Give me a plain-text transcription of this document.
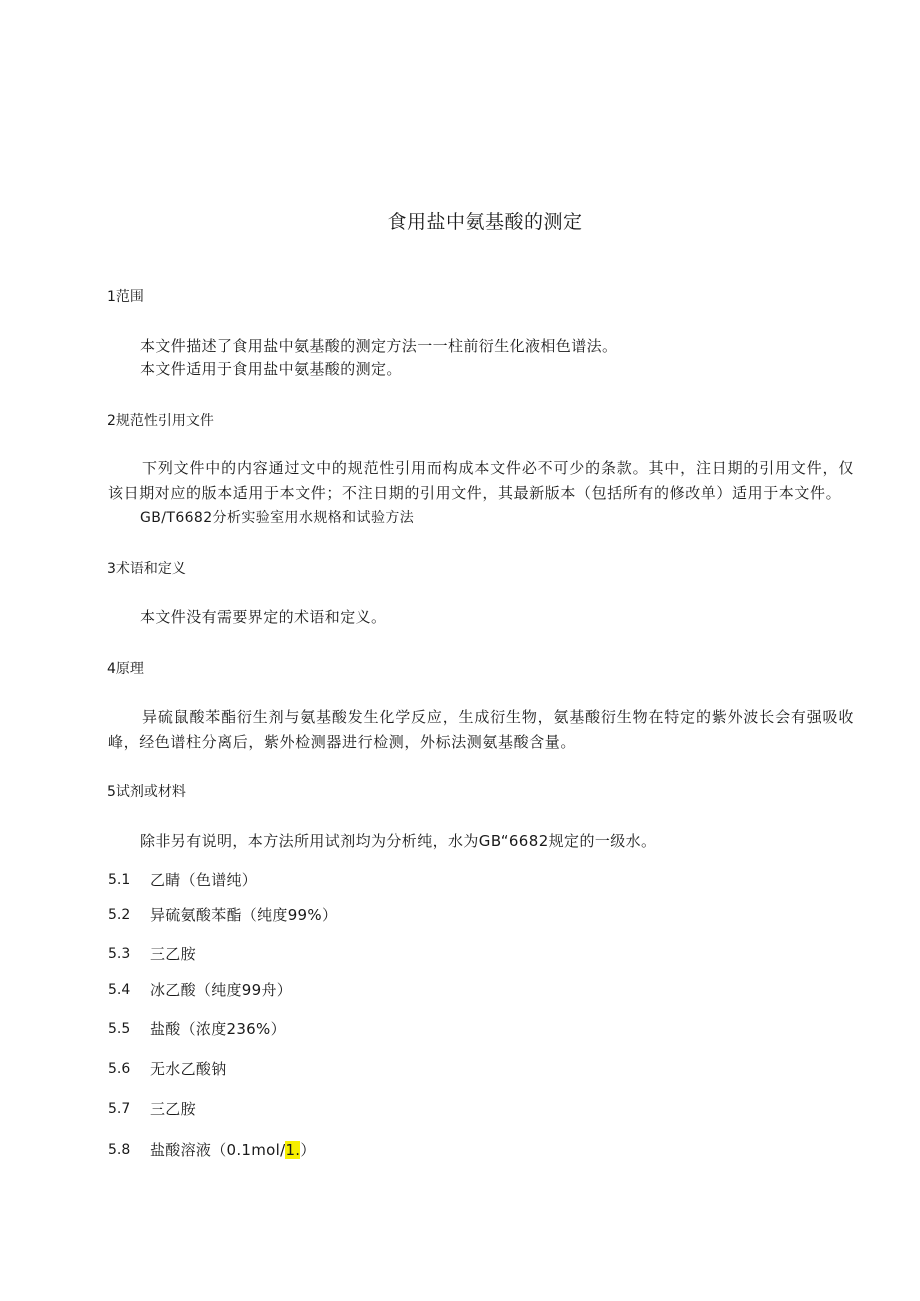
食用盐中氨基酸的测定
1范围
本文件描述了食用盐中氨基酸的测定方法一一柱前衍生化液相色谱法。
本文件适用于食用盐中氨基酸的测定。
2规范性引用文件
下列文件中的内容通过文中的规范性引用而构成本文件必不可少的条款。其中，注日期的引用文件，仅该日期对应的版本适用于本文件；不注日期的引用文件，其最新版本（包括所有的修改单）适用于本文件。
GB/T6682分析实验室用水规格和试验方法
3术语和定义
本文件没有需要界定的术语和定义。
4原理
异硫鼠酸苯酯衍生剂与氨基酸发生化学反应，生成衍生物，氨基酸衍生物在特定的紫外波长会有强吸收峰，经色谱柱分离后，紫外检测器进行检测，外标法测氨基酸含量。
5试剂或材料
除非另有说明，本方法所用试剂均为分析纯，水为GB“6682规定的一级水。
5.1 乙睛（色谱纯）
5.2 异硫氨酸苯酯（纯度99%）
5.3 三乙胺
5.4 冰乙酸（纯度99舟）
5.5 盐酸（浓度236%）
5.6 无水乙酸钠
5.7 三乙胺
5.8 盐酸溶液（0.1mol/1.）
